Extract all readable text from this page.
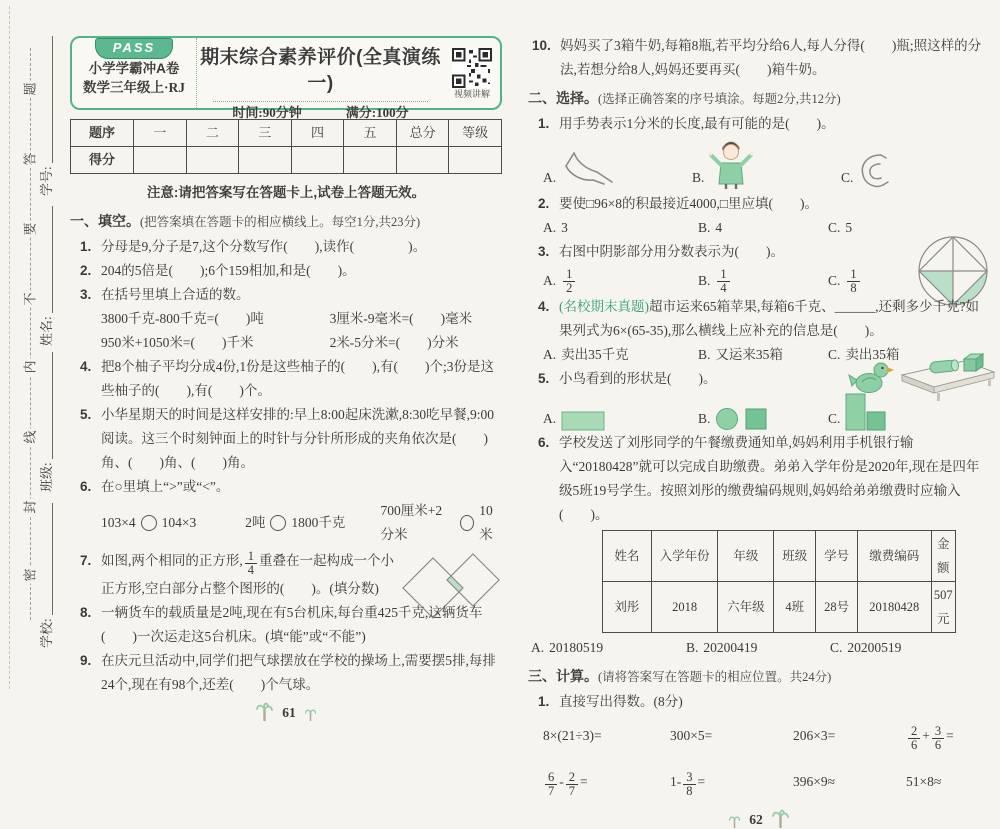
题
答
要
不
内
线
封
密
学号:
姓名:
班级:
学校:
PASS
小学学霸冲A卷
数学三年级上·RJ
期末综合素养评价(全真演练一)
时间:90分钟	满分:100分
视频讲解
题序	一	二	三	四	五	总分	等级
得分							
注意:请把答案写在答题卡上,试卷上答题无效。
一、填空。(把答案填在答题卡的相应横线上。每空1分,共23分)

1. 分母是9,分子是7,这个分数写作(　　),读作(　　　　)。

2. 204的5倍是(　　);6个159相加,和是(　　)。

3. 在括号里填上合适的数。

3800千克-800千克=(　　)吨	3厘米-9毫米=(　　)毫米
950米+1050米=(　　)千米	2米-5分米=(　　)分米

4. 把8个柚子平均分成4份,1份是这些柚子的(　　),有(　　)个;3份是这些柚子的(　　),有(　　)个。

5. 小华星期天的时间是这样安排的:早上8:00起床洗漱,8:30吃早餐,9:00阅读。这三个时刻钟面上的时针与分针所形成的夹角依次是(　　)角、(　　)角、(　　)角。

6. 在○里填上“>”或“<”。

103×4 104×3	2吨 1800千克
700厘米+2分米
10米

7. 如图,两个相同的正方形, $\frac{1}{4}$ 重叠在一起构成一个小正方形,空白部分占整个图形的(　　)。(填分数)

8. 一辆货车的载质量是2吨,现在有5台机床,每台重425千克,这辆货车(　　)一次运走这5台机床。(填“能”或“不能”)

9. 在庆元旦活动中,同学们把气球摆放在学校的操场上,需要摆5排,每排24个,现在有98个,还差(　　)个气球。

61

10. 妈妈买了3箱牛奶,每箱8瓶,若平均分给6人,每人分得(　　)瓶;照这样的分法,若想分给8人,妈妈还要再买(　　)箱牛奶。

二、选择。(选择正确答案的序号填涂。每题2分,共12分)

1. 用手势表示1分米的长度,最有可能的是(　　)。

A.	B.	C.

2. 要使□96×8的积最接近4000,□里应填(　　)。

A. 3	B. 4	C. 5

3. 右图中阴影部分用分数表示为(　　)。

A. $\frac{1}{2}$	B. $\frac{1}{4}$	C. $\frac{1}{8}$

4. (名校期末真题)超市运来65箱苹果,每箱6千克、______,还剩多少千克?如果列式为6×(65-35),那么横线上应补充的信息是(　　)。

A. 卖出35千克	B. 又运来35箱	C. 卖出35箱

5. 小鸟看到的形状是(　　)。

A.	B.	C.

6. 学校发送了刘彤同学的午餐缴费通知单,妈妈利用手机银行输入“20180428”就可以完成自助缴费。弟弟入学年份是2020年,现在是四年级5班19号学生。按照刘彤的缴费编码规则,妈妈给弟弟缴费时应输入(　　)。

姓名	入学年份	年级	班级	学号	缴费编码	金额
刘彤	2018	六年级	4班	28号	20180428	507元
A. 20180519	B. 20200419	C. 20200519
三、计算。(请将答案写在答题卡的相应位置。共24分)

1. 直接写出得数。(8分)

8×(21÷3)=	300×5=	206×3=	$\frac{2}{6} + \frac{3}{6}$ =
$\frac{6}{7} - \frac{2}{7}$ =	$1- \frac{3}{8}$ =	396×9≈	51×8≈
62
